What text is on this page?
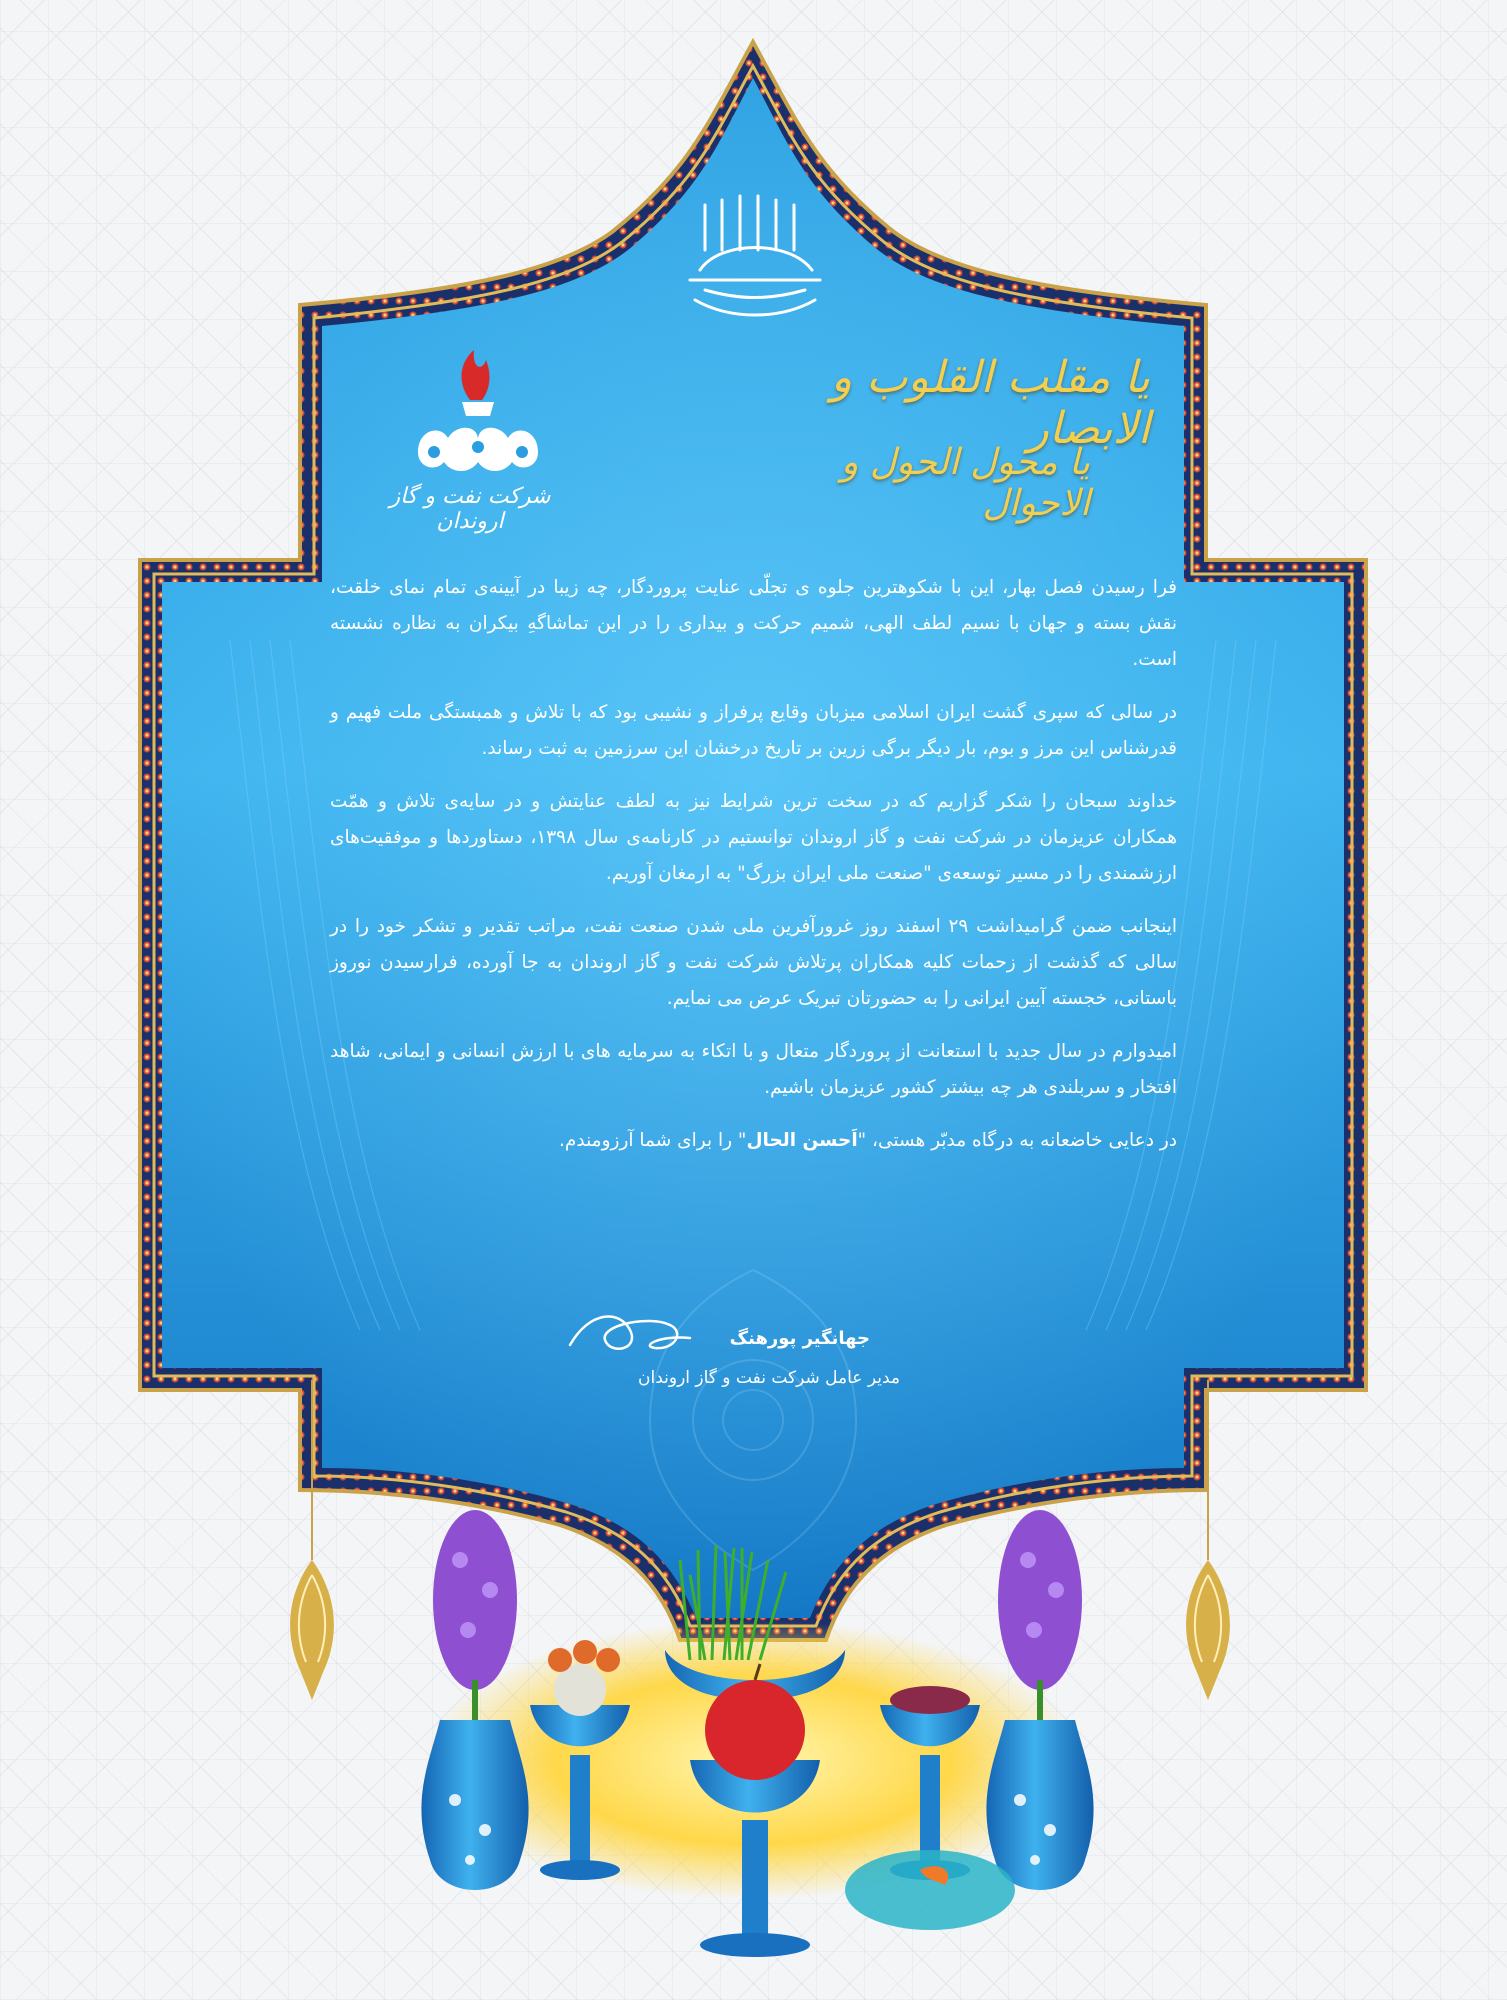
یا مقلب القلوب و الابصار
یا محول الحول و الاحوال
شرکت نفت و گاز اروندان

فرا رسیدن فصل بهار، این با شکوهترین جلوه ی تجلّی عنایت پروردگار، چه زیبا در آیینه‌ی تمام نمای خلقت، نقش بسته و جهان با نسیم لطف الهی، شمیم حرکت و بیداری را در این تماشاگهِ بیکران به نظاره نشسته است.

در سالی که سپری گشت ایران اسلامی میزبان وقایع پرفراز و نشیبی بود که با تلاش و همبستگی ملت فهیم و قدرشناس این مرز و بوم، بار دیگر برگی زرین بر تاریخ درخشان این سرزمین به ثبت رساند.

خداوند سبحان را شکر گزاریم که در سخت ترین شرایط نیز به لطف عنایتش و در سایه‌ی تلاش و همّت همکاران عزیزمان در شرکت نفت و گاز اروندان توانستیم در کارنامه‌ی سال ۱۳۹۸، دستاوردها و موفقیت‌های ارزشمندی را در مسیر توسعه‌ی "صنعت ملی ایران بزرگ" به ارمغان آوریم.

اینجانب ضمن گرامیداشت ۲۹ اسفند روز غرورآفرین ملی شدن صنعت نفت، مراتب تقدیر و تشکر خود را در سالی که گذشت از زحمات کلیه همکاران پرتلاش شرکت نفت و گاز اروندان به جا آورده، فرارسیدن نوروز باستانی، خجسته آیین ایرانی را به حضورتان تبریک عرض می نمایم.

امیدوارم در سال جدید با استعانت از پروردگار متعال و با اتکاء به سرمایه های با ارزش انسانی و ایمانی، شاهد افتخار و سربلندی هر چه بیشتر کشور عزیزمان باشیم.

در دعایی خاضعانه به درگاه مدبّر هستی، "اَحسن الحال" را برای شما آرزومندم.

جهانگیر پورهنگ
مدیر عامل شرکت نفت و گاز اروندان
